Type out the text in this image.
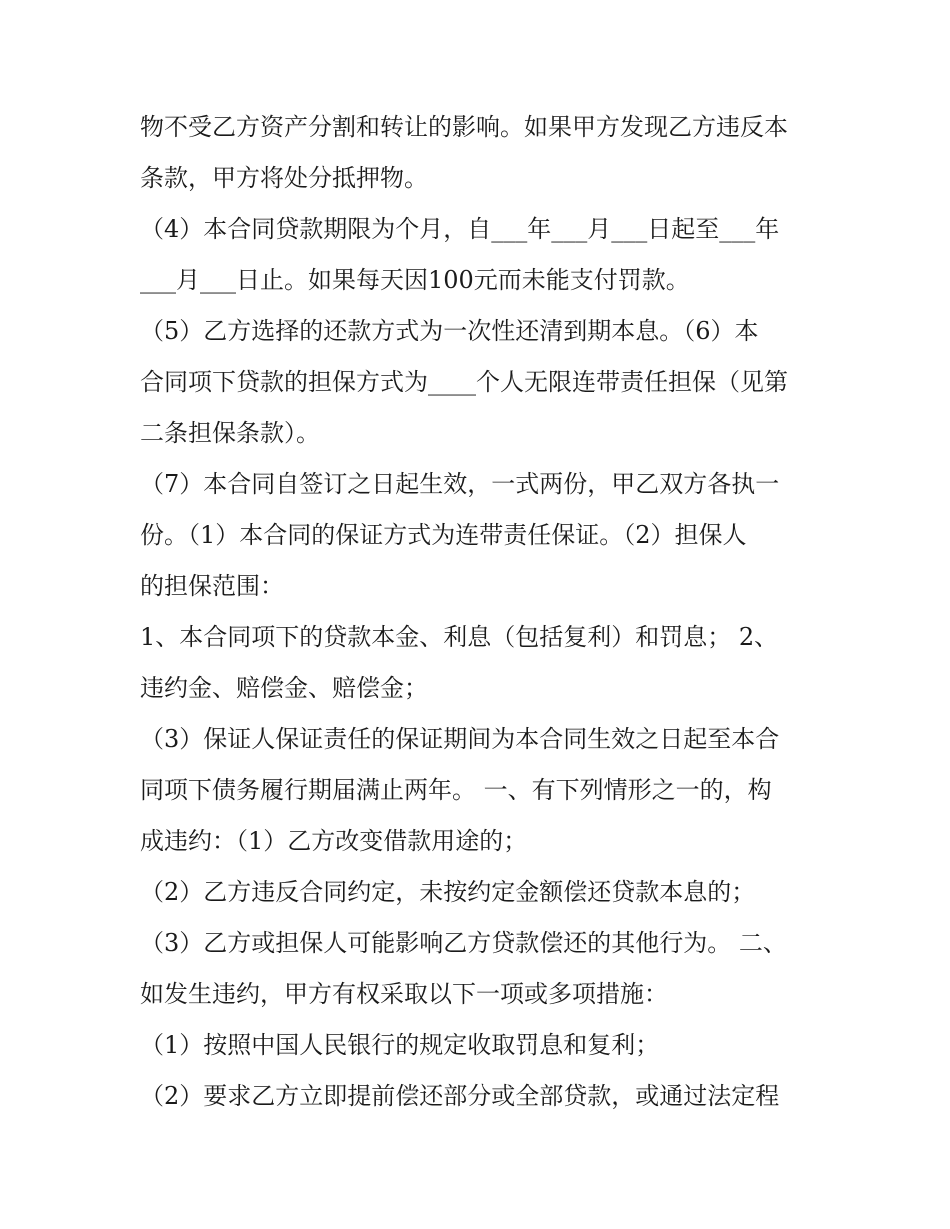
物不受乙方资产分割和转让的影响。如果甲方发现乙方违反本
条款，甲方将处分抵押物。
（4）本合同贷款期限为个月，自___年___月___日起至___年
___月___日止。如果每天因100元而未能支付罚款。
（5）乙方选择的还款方式为一次性还清到期本息。（6）本
合同项下贷款的担保方式为____个人无限连带责任担保（见第
二条担保条款）。
（7）本合同自签订之日起生效，一式两份，甲乙双方各执一
份。（1）本合同的保证方式为连带责任保证。（2）担保人
的担保范围：
1、本合同项下的贷款本金、利息（包括复利）和罚息； 2、
违约金、赔偿金、赔偿金；
（3）保证人保证责任的保证期间为本合同生效之日起至本合
同项下债务履行期届满止两年。 一、有下列情形之一的，构
成违约：（1）乙方改变借款用途的；
（2）乙方违反合同约定，未按约定金额偿还贷款本息的；
（3）乙方或担保人可能影响乙方贷款偿还的其他行为。 二、
如发生违约，甲方有权采取以下一项或多项措施：
（1）按照中国人民银行的规定收取罚息和复利；
（2）要求乙方立即提前偿还部分或全部贷款，或通过法定程
